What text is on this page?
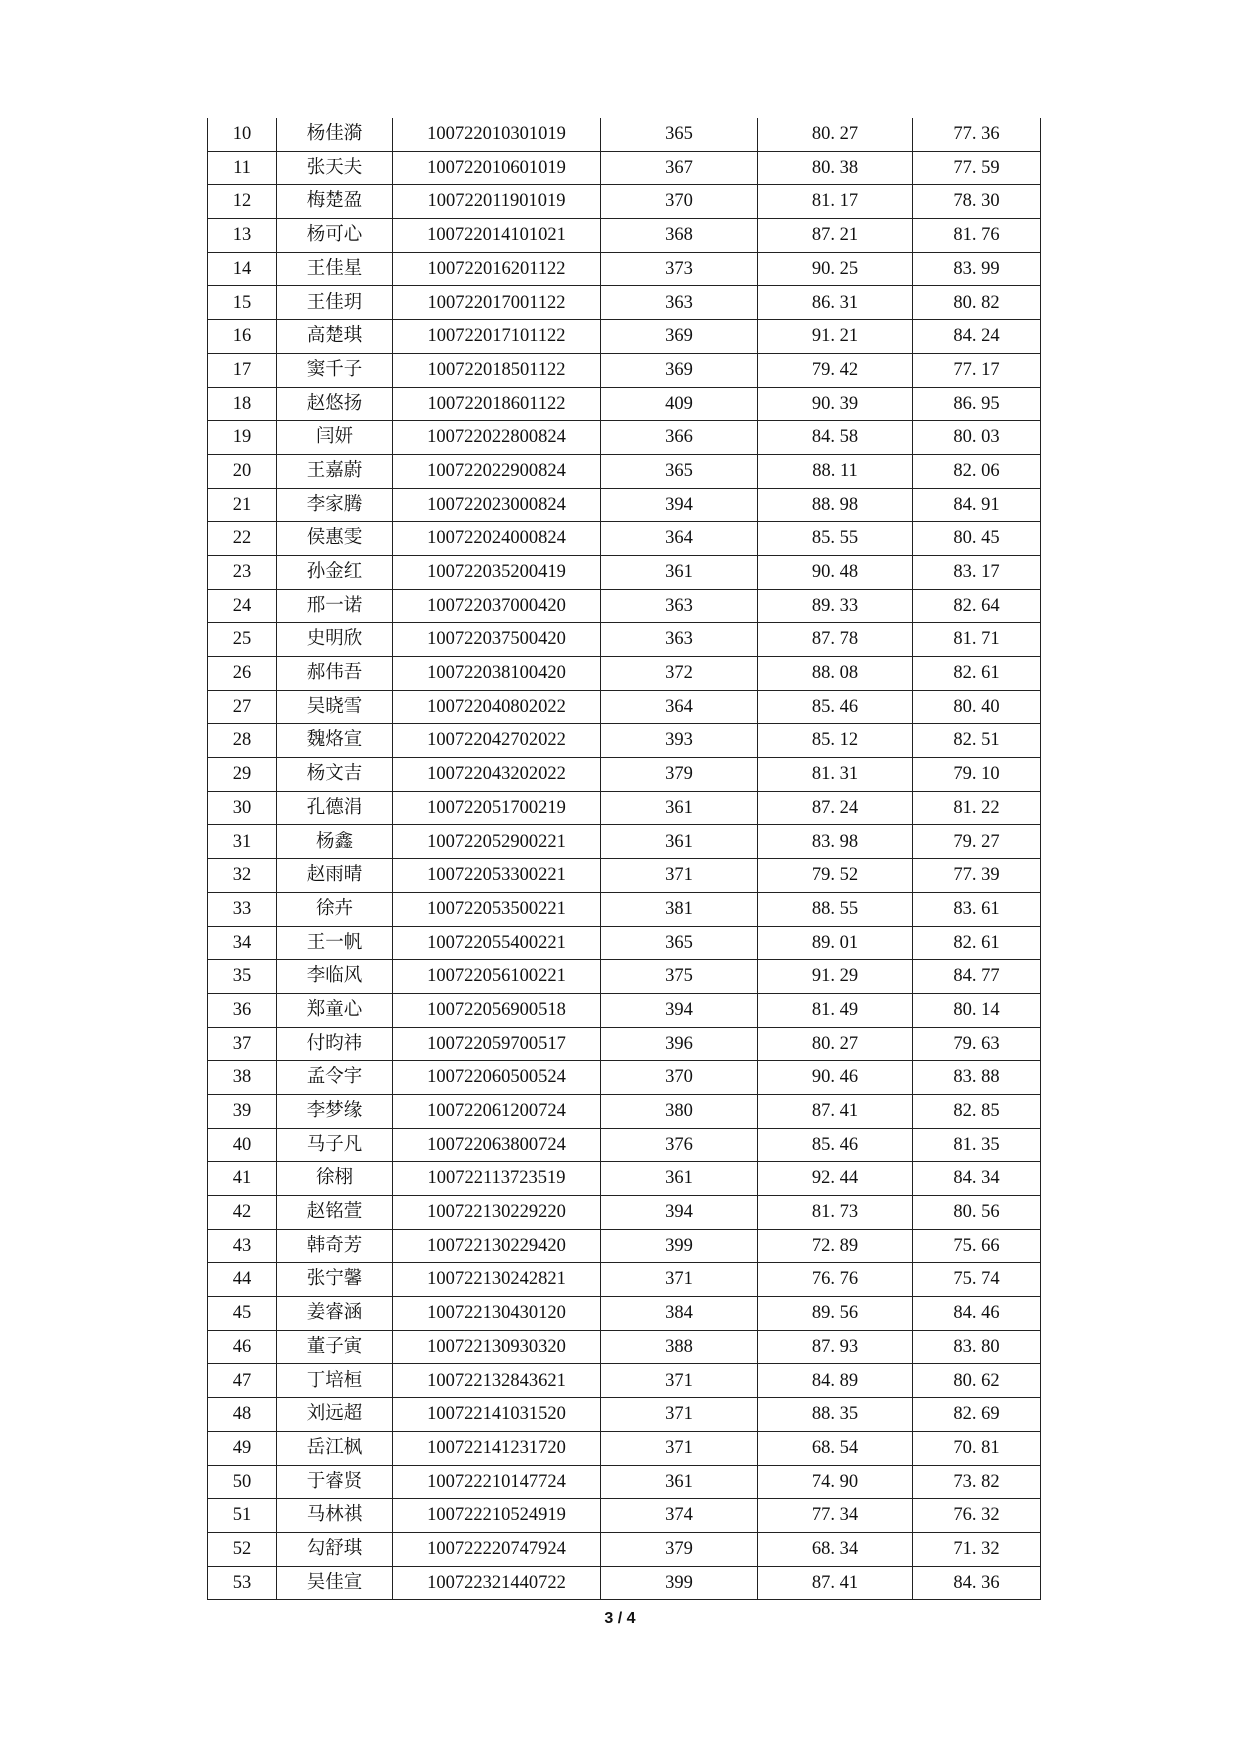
10	杨佳漪	100722010301019	365	80. 27	77. 36
11	张天夫	100722010601019	367	80. 38	77. 59
12	梅楚盈	100722011901019	370	81. 17	78. 30
13	杨可心	100722014101021	368	87. 21	81. 76
14	王佳星	100722016201122	373	90. 25	83. 99
15	王佳玥	100722017001122	363	86. 31	80. 82
16	高楚琪	100722017101122	369	91. 21	84. 24
17	窦千子	100722018501122	369	79. 42	77. 17
18	赵悠扬	100722018601122	409	90. 39	86. 95
19	闫妍	100722022800824	366	84. 58	80. 03
20	王嘉蔚	100722022900824	365	88. 11	82. 06
21	李家腾	100722023000824	394	88. 98	84. 91
22	侯惠雯	100722024000824	364	85. 55	80. 45
23	孙金红	100722035200419	361	90. 48	83. 17
24	邢一诺	100722037000420	363	89. 33	82. 64
25	史明欣	100722037500420	363	87. 78	81. 71
26	郝伟吾	100722038100420	372	88. 08	82. 61
27	吴晓雪	100722040802022	364	85. 46	80. 40
28	魏烙宣	100722042702022	393	85. 12	82. 51
29	杨文吉	100722043202022	379	81. 31	79. 10
30	孔德涓	100722051700219	361	87. 24	81. 22
31	杨鑫	100722052900221	361	83. 98	79. 27
32	赵雨晴	100722053300221	371	79. 52	77. 39
33	徐卉	100722053500221	381	88. 55	83. 61
34	王一帆	100722055400221	365	89. 01	82. 61
35	李临风	100722056100221	375	91. 29	84. 77
36	郑童心	100722056900518	394	81. 49	80. 14
37	付昀祎	100722059700517	396	80. 27	79. 63
38	孟令宇	100722060500524	370	90. 46	83. 88
39	李梦缘	100722061200724	380	87. 41	82. 85
40	马子凡	100722063800724	376	85. 46	81. 35
41	徐栩	100722113723519	361	92. 44	84. 34
42	赵铭萱	100722130229220	394	81. 73	80. 56
43	韩奇芳	100722130229420	399	72. 89	75. 66
44	张宁馨	100722130242821	371	76. 76	75. 74
45	姜睿涵	100722130430120	384	89. 56	84. 46
46	董子寅	100722130930320	388	87. 93	83. 80
47	丁培桓	100722132843621	371	84. 89	80. 62
48	刘远超	100722141031520	371	88. 35	82. 69
49	岳江枫	100722141231720	371	68. 54	70. 81
50	于睿贤	100722210147724	361	74. 90	73. 82
51	马林祺	100722210524919	374	77. 34	76. 32
52	勾舒琪	100722220747924	379	68. 34	71. 32
53	吴佳宣	100722321440722	399	87. 41	84. 36
3 / 4
